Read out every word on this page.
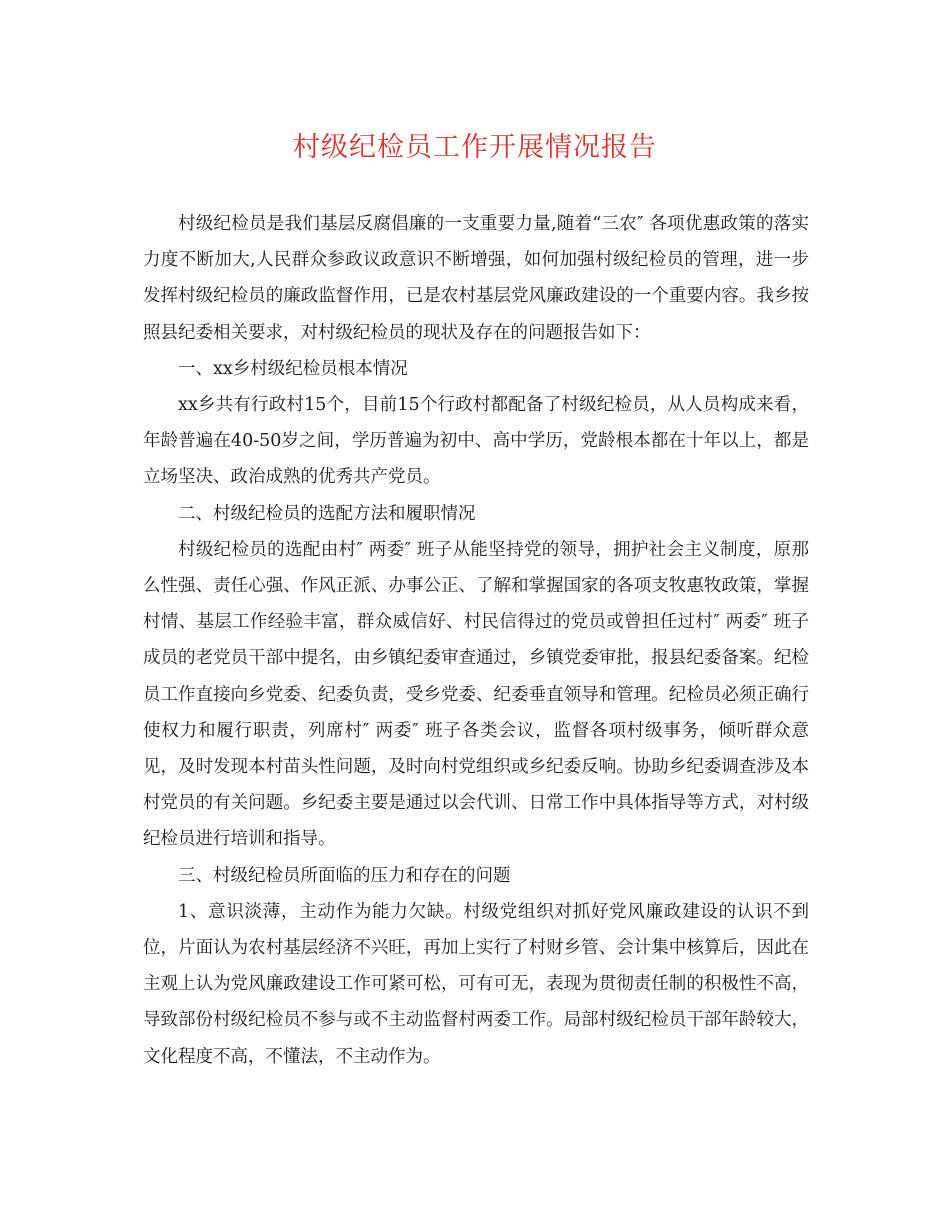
村级纪检员工作开展情况报告

村级纪检员是我们基层反腐倡廉的一支重要力量,随着“三农″ 各项优惠政策的落实力度不断加大,人民群众参政议政意识不断增强，如何加强村级纪检员的管理，进一步发挥村级纪检员的廉政监督作用，已是农村基层党风廉政建设的一个重要内容。我乡按照县纪委相关要求，对村级纪检员的现状及存在的问题报告如下：

一、xx乡村级纪检员根本情况

xx乡共有行政村15个，目前15个行政村都配备了村级纪检员，从人员构成来看，年龄普遍在40-50岁之间，学历普遍为初中、高中学历，党龄根本都在十年以上，都是立场坚决、政治成熟的优秀共产党员。

二、村级纪检员的选配方法和履职情况

村级纪检员的选配由村″ 两委″ 班子从能坚持党的领导，拥护社会主义制度，原那么性强、责任心强、作风正派、办事公正、了解和掌握国家的各项支牧惠牧政策，掌握村情、基层工作经验丰富，群众威信好、村民信得过的党员或曾担任过村″ 两委″ 班子成员的老党员干部中提名，由乡镇纪委审查通过，乡镇党委审批，报县纪委备案。纪检员工作直接向乡党委、纪委负责，受乡党委、纪委垂直领导和管理。纪检员必须正确行使权力和履行职责，列席村″ 两委″ 班子各类会议，监督各项村级事务，倾听群众意见，及时发现本村苗头性问题，及时向村党组织或乡纪委反响。协助乡纪委调查涉及本村党员的有关问题。乡纪委主要是通过以会代训、日常工作中具体指导等方式，对村级纪检员进行培训和指导。

三、村级纪检员所面临的压力和存在的问题

1、意识淡薄，主动作为能力欠缺。村级党组织对抓好党风廉政建设的认识不到位，片面认为农村基层经济不兴旺，再加上实行了村财乡管、会计集中核算后，因此在主观上认为党风廉政建设工作可紧可松，可有可无，表现为贯彻责任制的积极性不高，导致部份村级纪检员不参与或不主动监督村两委工作。局部村级纪检员干部年龄较大，文化程度不高，不懂法，不主动作为。
